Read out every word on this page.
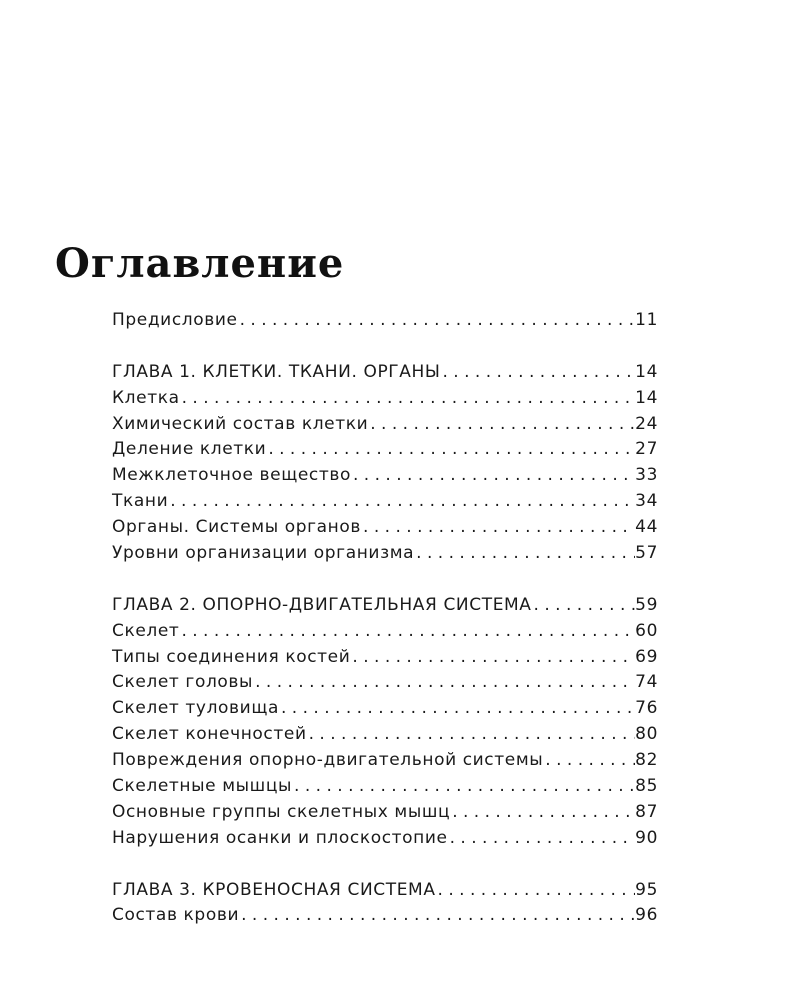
Оглавление
Предисловие . . .	11
ГЛАВА 1. КЛЕТКИ. ТКАНИ. ОРГАНЫ . . .	14
Клетка . . .	14
Химический состав клетки . . .	24
Деление клетки . . .	27
Межклеточное вещество . . .	33
Ткани . . .	34
Органы. Системы органов . . .	44
Уровни организации организма . . .	57
ГЛАВА 2. ОПОРНО-ДВИГАТЕЛЬНАЯ СИСТЕМА . . .	59
Скелет . . .	60
Типы соединения костей . . .	69
Скелет головы . . .	74
Скелет туловища . . .	76
Скелет конечностей . . .	80
Повреждения опорно-двигательной системы . . .	82
Скелетные мышцы . . .	85
Основные группы скелетных мышц . . .	87
Нарушения осанки и плоскостопие . . .	90
ГЛАВА 3. КРОВЕНОСНАЯ СИСТЕМА . . .	95
Состав крови . . .	96
